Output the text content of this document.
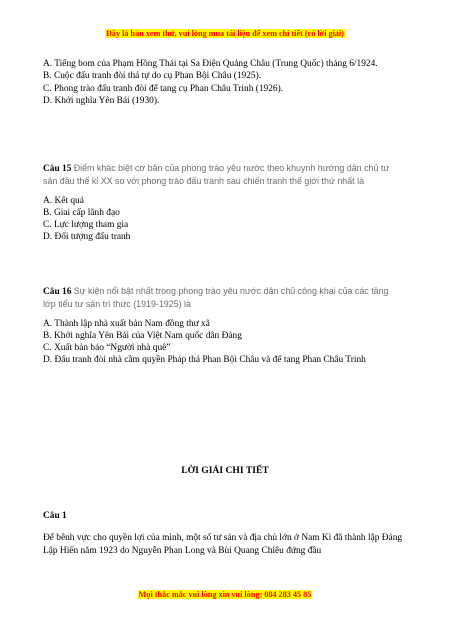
Đây là bản xem thử, vui lòng mua tài liệu để xem chi tiết (có lời giải)

A. Tiếng bom của Phạm Hồng Thái tại Sa Điện Quảng Châu (Trung Quốc) tháng 6/1924.

B. Cuộc đấu tranh đòi thả tự do cụ Phan Bội Châu (1925).

C. Phong trào đấu tranh đòi để tang cụ Phan Châu Trinh (1926).

D. Khởi nghĩa Yên Bái (1930).

Câu 15 Điểm khác biệt cơ bản của phong trào yêu nước theo khuynh hướng dân chủ tư sản đầu thế kỉ XX so với phong trào đấu tranh sau chiến tranh thế giới thứ nhất là

A. Kết quả

B. Giai cấp lãnh đạo

C. Lực lượng tham gia

D. Đối tượng đấu tranh

Câu 16 Sự kiện nổi bật nhất trong phong trào yêu nước dân chủ công khai của các tầng lớp tiểu tư sản trí thức (1919-1925) là

A. Thành lập nhà xuất bản Nam đồng thư xã

B. Khởi nghĩa Yên Bái của Việt Nam quốc dân Đảng

C. Xuất bản báo “Người nhà quê”

D. Đấu tranh đòi nhà cầm quyền Pháp thả Phan Bội Châu và để tang Phan Châu Trinh

LỜI GIẢI CHI TIẾT

Câu 1

Để bênh vực cho quyền lợi của mình, một số tư sản và địa chủ lớn ở Nam Kì đã thành lập Đảng Lập Hiến năm 1923 do Nguyễn Phan Long và Bùi Quang Chiêu đứng đầu

Mọi thắc mắc vui lòng xin vui lòng: 084 283 45 85
